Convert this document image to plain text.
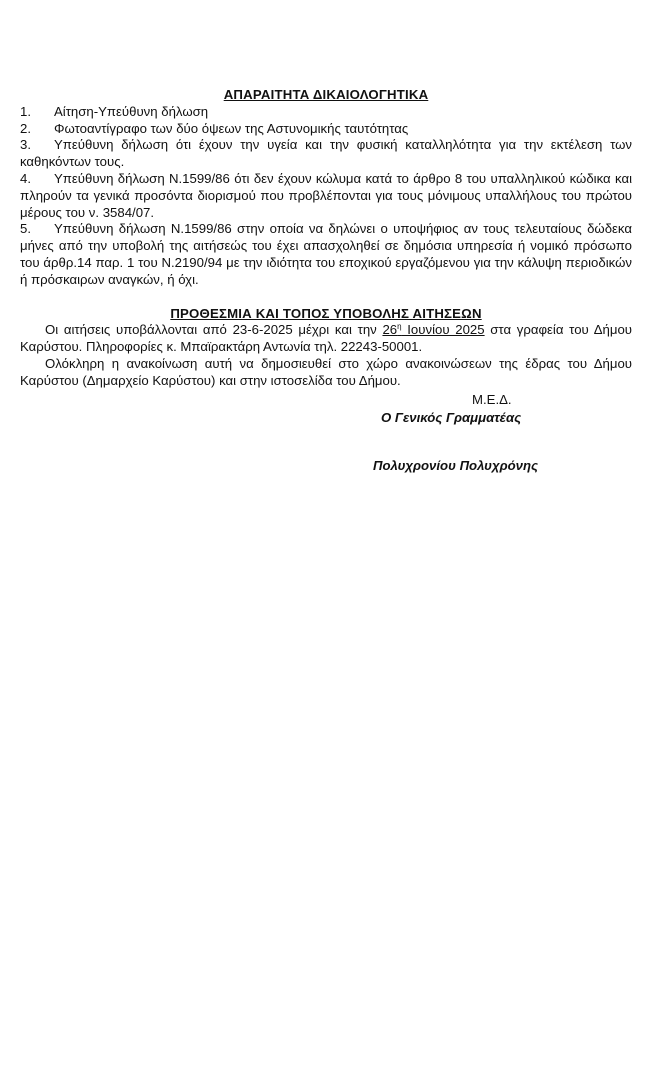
ΑΠΑΡΑΙΤΗΤΑ ΔΙΚΑΙΟΛΟΓΗΤΙΚΑ
1. Αίτηση-Υπεύθυνη δήλωση
2. Φωτοαντίγραφο των δύο όψεων της Αστυνομικής ταυτότητας
3. Υπεύθυνη δήλωση ότι έχουν την υγεία και την φυσική καταλληλότητα για την εκτέλεση των καθηκόντων τους.
4. Υπεύθυνη δήλωση Ν.1599/86 ότι δεν έχουν κώλυμα κατά το άρθρο 8 του υπαλληλικού κώδικα και πληρούν τα γενικά προσόντα διορισμού που προβλέπονται για τους μόνιμους υπαλλήλους του πρώτου μέρους του ν. 3584/07.
5. Υπεύθυνη δήλωση Ν.1599/86 στην οποία να δηλώνει ο υποψήφιος αν τους τελευταίους δώδεκα μήνες από την υποβολή της αιτήσεώς του έχει απασχοληθεί σε δημόσια υπηρεσία ή νομικό πρόσωπο του άρθρ.14 παρ. 1 του Ν.2190/94 με την ιδιότητα του εποχικού εργαζόμενου για την κάλυψη περιοδικών ή πρόσκαιρων αναγκών, ή όχι.
ΠΡΟΘΕΣΜΙΑ ΚΑΙ ΤΟΠΟΣ ΥΠΟΒΟΛΗΣ ΑΙΤΗΣΕΩΝ

Οι αιτήσεις υποβάλλονται από 23-6-2025 μέχρι και την $26^\eta$ Ιουνίου 2025 στα γραφεία του Δήμου Καρύστου. Πληροφορίες κ. Μπαϊρακτάρη Αντωνία τηλ. 22243-50001.

Ολόκληρη η ανακοίνωση αυτή να δημοσιευθεί στο χώρο ανακοινώσεων της έδρας του Δήμου Καρύστου (Δημαρχείο Καρύστου) και στην ιστοσελίδα του Δήμου.

Μ.Ε.Δ.
Ο Γενικός Γραμματέας
Πολυχρονίου Πολυχρόνης
